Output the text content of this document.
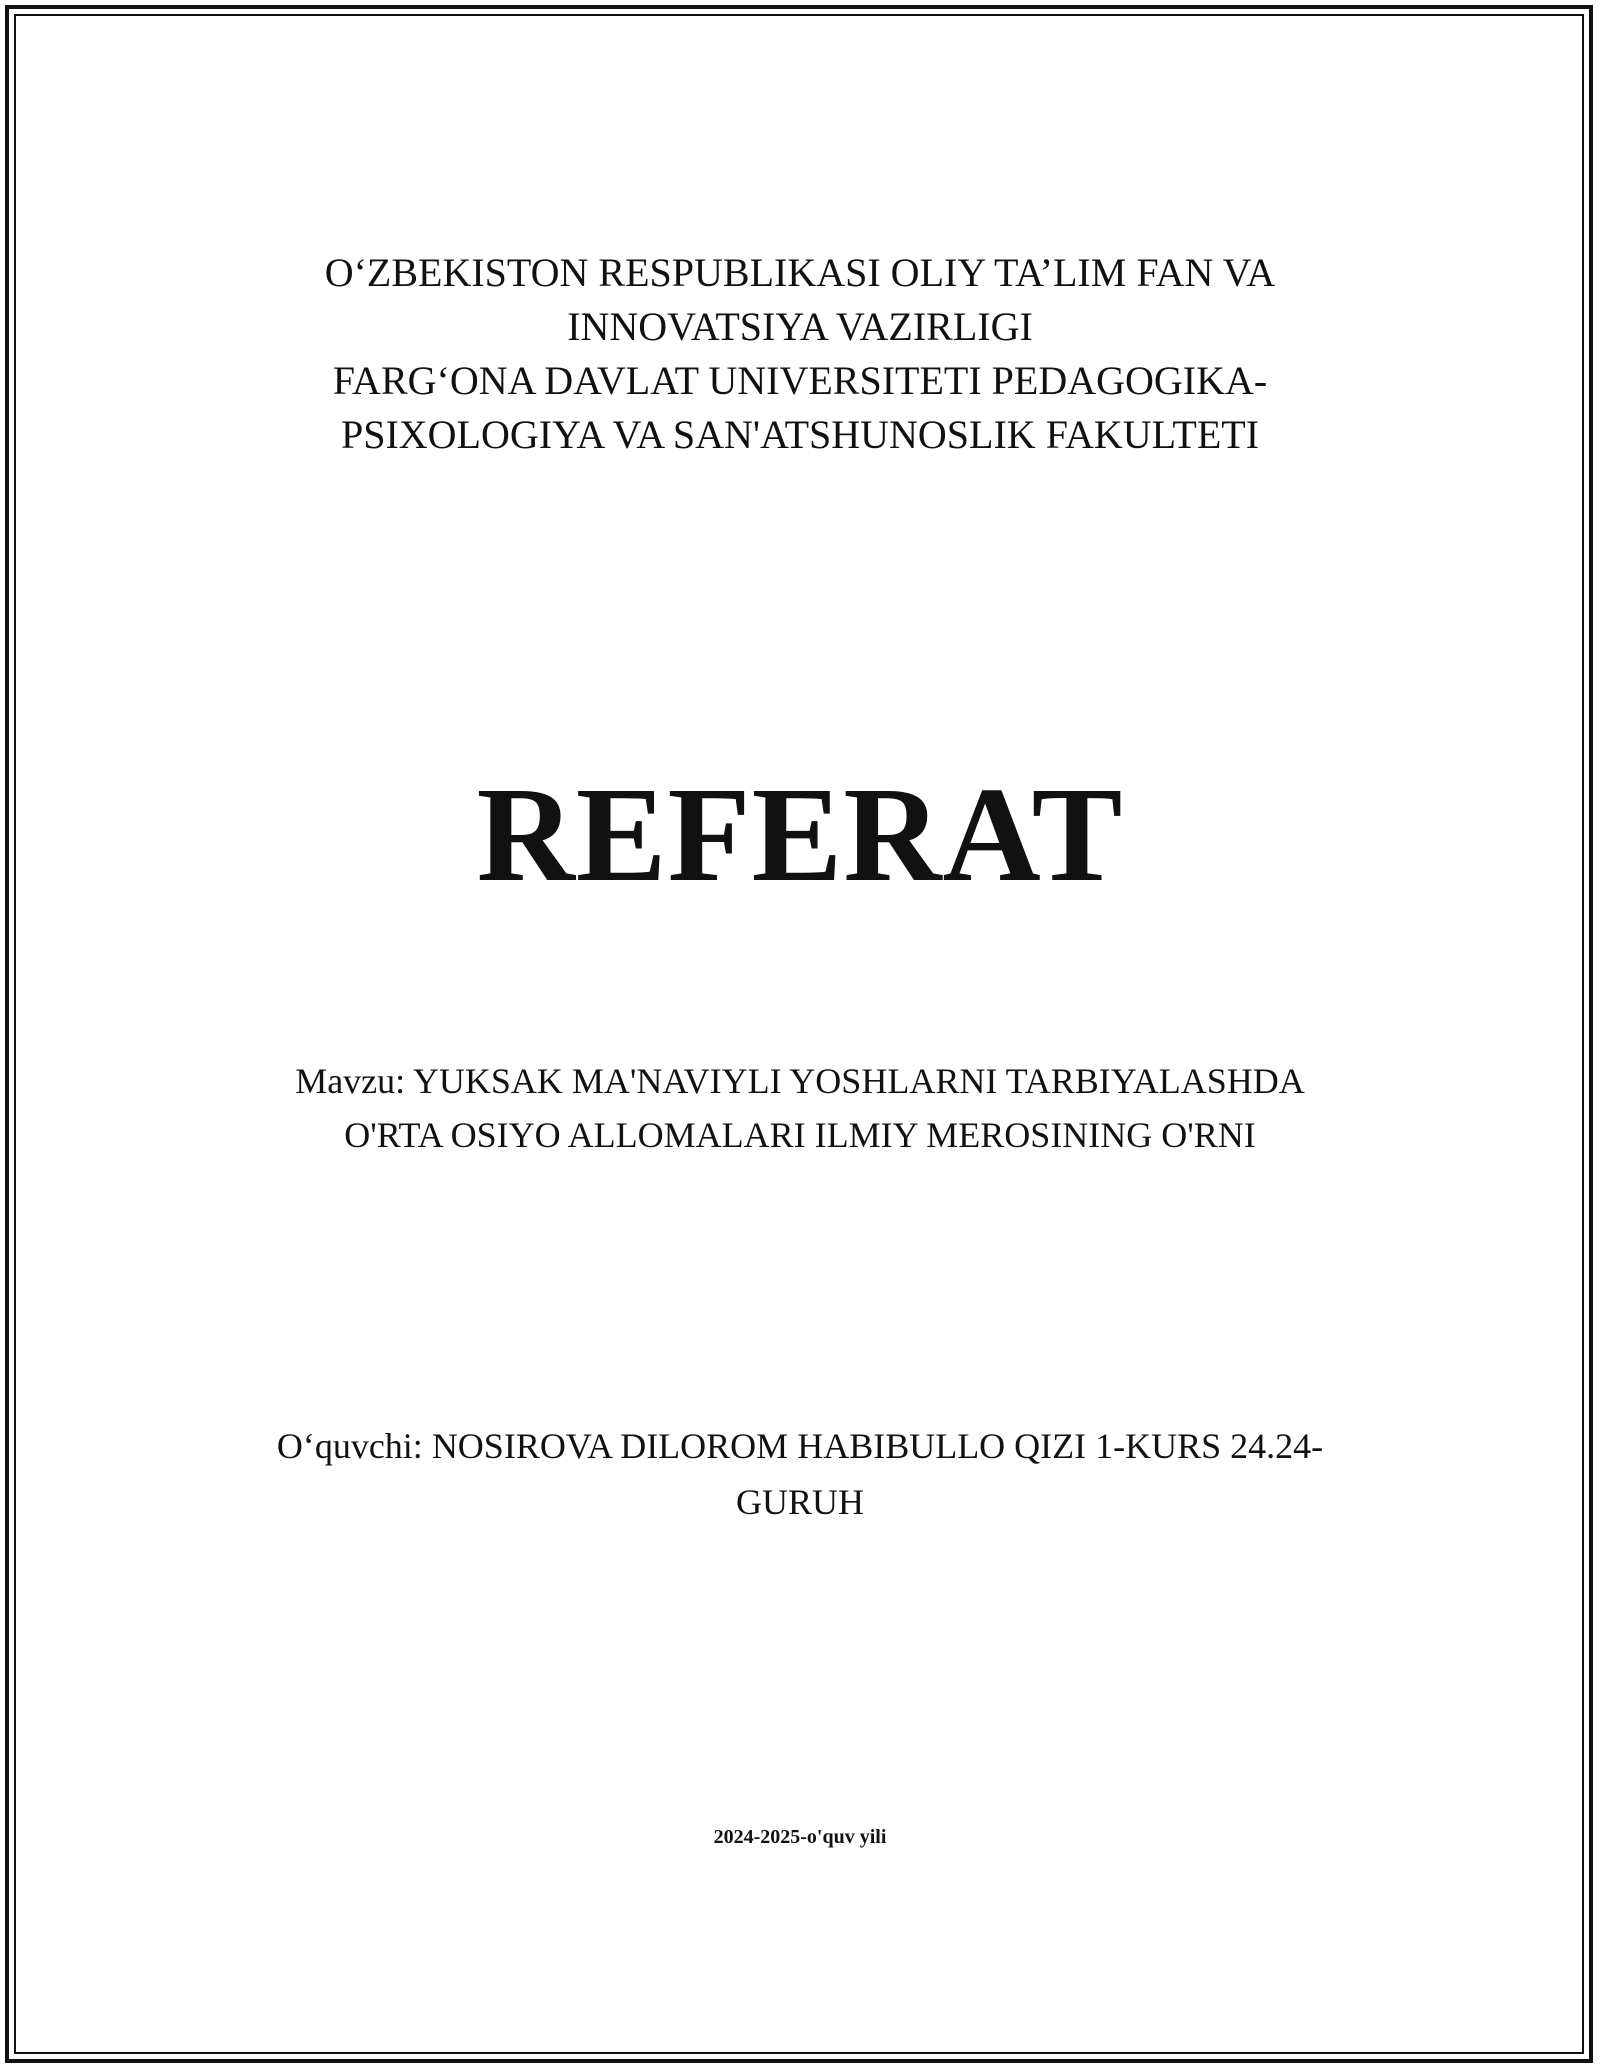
O‘ZBEKISTON RESPUBLIKASI OLIY TA’LIM FAN VA
INNOVATSIYA VAZIRLIGI
FARG‘ONA DAVLAT UNIVERSITETI PEDAGOGIKA-
PSIXOLOGIYA VA SAN'ATSHUNOSLIK FAKULTETI
REFERAT
Mavzu: YUKSAK MA'NAVIYLI YOSHLARNI TARBIYALASHDA
O'RTA OSIYO ALLOMALARI ILMIY MEROSINING O'RNI
O‘quvchi: NOSIROVA DILOROM HABIBULLO QIZI 1-KURS 24.24-
GURUH
2024-2025-o'quv yili
